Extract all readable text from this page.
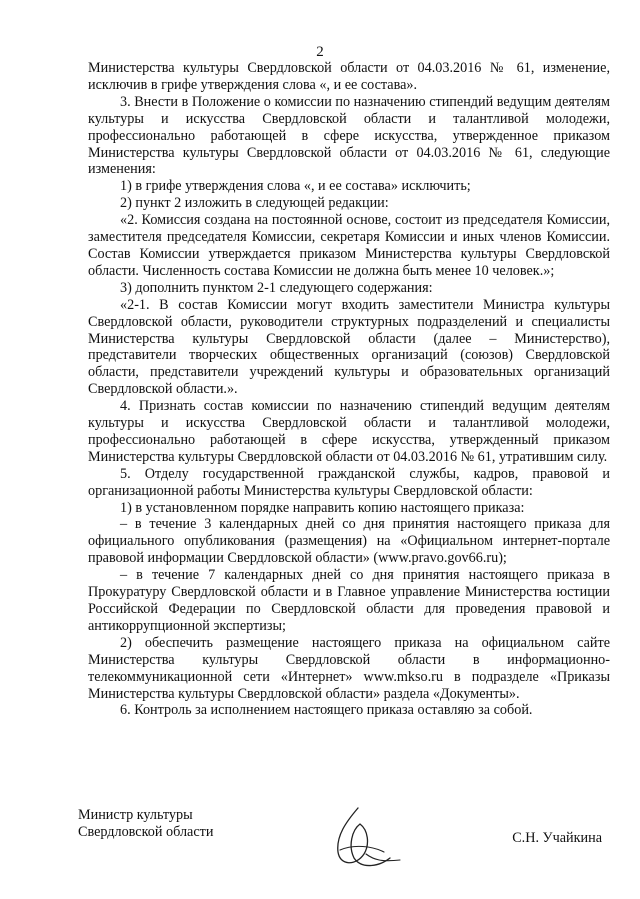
2

Министерства культуры Свердловской области от 04.03.2016 № 61, изменение, исключив в грифе утверждения слова «, и ее состава».

3. Внести в Положение о комиссии по назначению стипендий ведущим деятелям культуры и искусства Свердловской области и талантливой молодежи, профессионально работающей в сфере искусства, утвержденное приказом Министерства культуры Свердловской области от 04.03.2016 № 61, следующие изменения:

1) в грифе утверждения слова «, и ее состава» исключить;

2) пункт 2 изложить в следующей редакции:

«2. Комиссия создана на постоянной основе, состоит из председателя Комиссии, заместителя председателя Комиссии, секретаря Комиссии и иных членов Комиссии. Состав Комиссии утверждается приказом Министерства культуры Свердловской области. Численность состава Комиссии не должна быть менее 10 человек.»;

3) дополнить пунктом 2-1 следующего содержания:

«2-1. В состав Комиссии могут входить заместители Министра культуры Свердловской области, руководители структурных подразделений и специалисты Министерства культуры Свердловской области (далее – Министерство), представители творческих общественных организаций (союзов) Свердловской области, представители учреждений культуры и образовательных организаций Свердловской области.».

4. Признать состав комиссии по назначению стипендий ведущим деятелям культуры и искусства Свердловской области и талантливой молодежи, профессионально работающей в сфере искусства, утвержденный приказом Министерства культуры Свердловской области от 04.03.2016 № 61, утратившим силу.

5. Отделу государственной гражданской службы, кадров, правовой и организационной работы Министерства культуры Свердловской области:

1) в установленном порядке направить копию настоящего приказа:

– в течение 3 календарных дней со дня принятия настоящего приказа для официального опубликования (размещения) на «Официальном интернет-портале правовой информации Свердловской области» (www.pravo.gov66.ru);

– в течение 7 календарных дней со дня принятия настоящего приказа в Прокуратуру Свердловской области и в Главное управление Министерства юстиции Российской Федерации по Свердловской области для проведения правовой и антикоррупционной экспертизы;

2) обеспечить размещение настоящего приказа на официальном сайте Министерства культуры Свердловской области в информационно-телекоммуникационной сети «Интернет» www.mkso.ru в подразделе «Приказы Министерства культуры Свердловской области» раздела «Документы».

6. Контроль за исполнением настоящего приказа оставляю за собой.

Министр культуры
Свердловской области	С.Н. Учайкина
